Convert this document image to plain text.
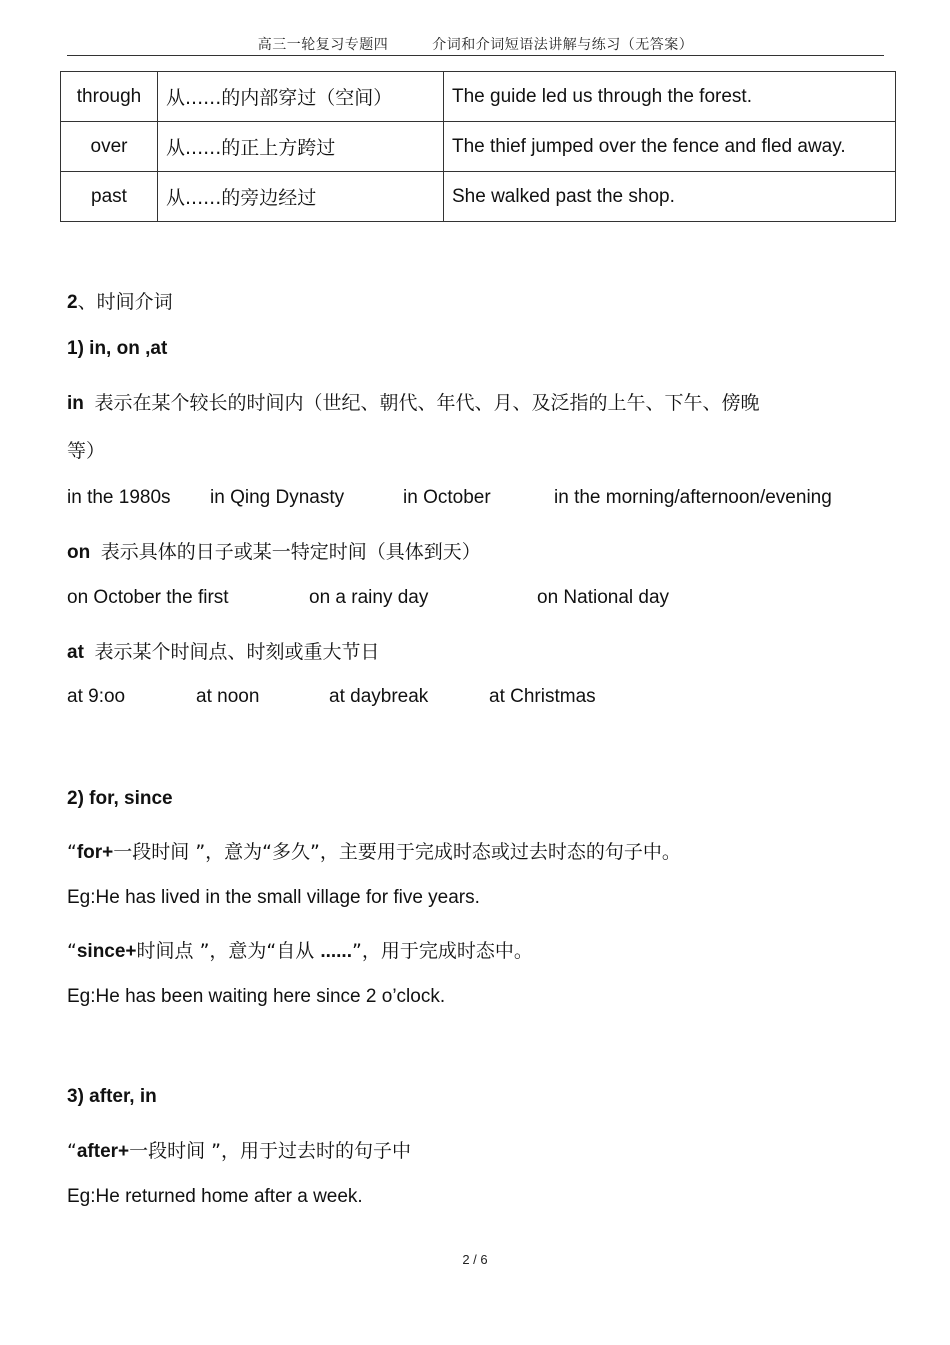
高三一轮复习专题四	介词和介词短语法讲解与练习（无答案）
through	从......的内部穿过（空间）	The guide led us through the forest.
over	从......的正上方跨过	The thief jumped over the fence and fled away.
past	从......的旁边经过	She walked past the shop.
2、时间介词
1) in, on ,at
in 表示在某个较长的时间内（世纪、朝代、年代、月、及泛指的上午、下午、傍晚
等）
in the 1980s in Qing Dynasty	in October	in the morning/afternoon/evening
on 表示具体的日子或某一特定时间（具体到天）
on October the first	on a rainy day	on National day
at 表示某个时间点、时刻或重大节日
at 9:oo	at noon	at daybreak	at Christmas
2) for, since
“for+一段时间 ”，意为“多久”，主要用于完成时态或过去时态的句子中。
Eg:He has lived in the small village for five years.
“since+时间点 ”，意为“自从 ......”，用于完成时态中。
Eg:He has been waiting here since 2 o’clock.
3) after, in
“after+一段时间 ”，用于过去时的句子中
Eg:He returned home after a week.
2 / 6
